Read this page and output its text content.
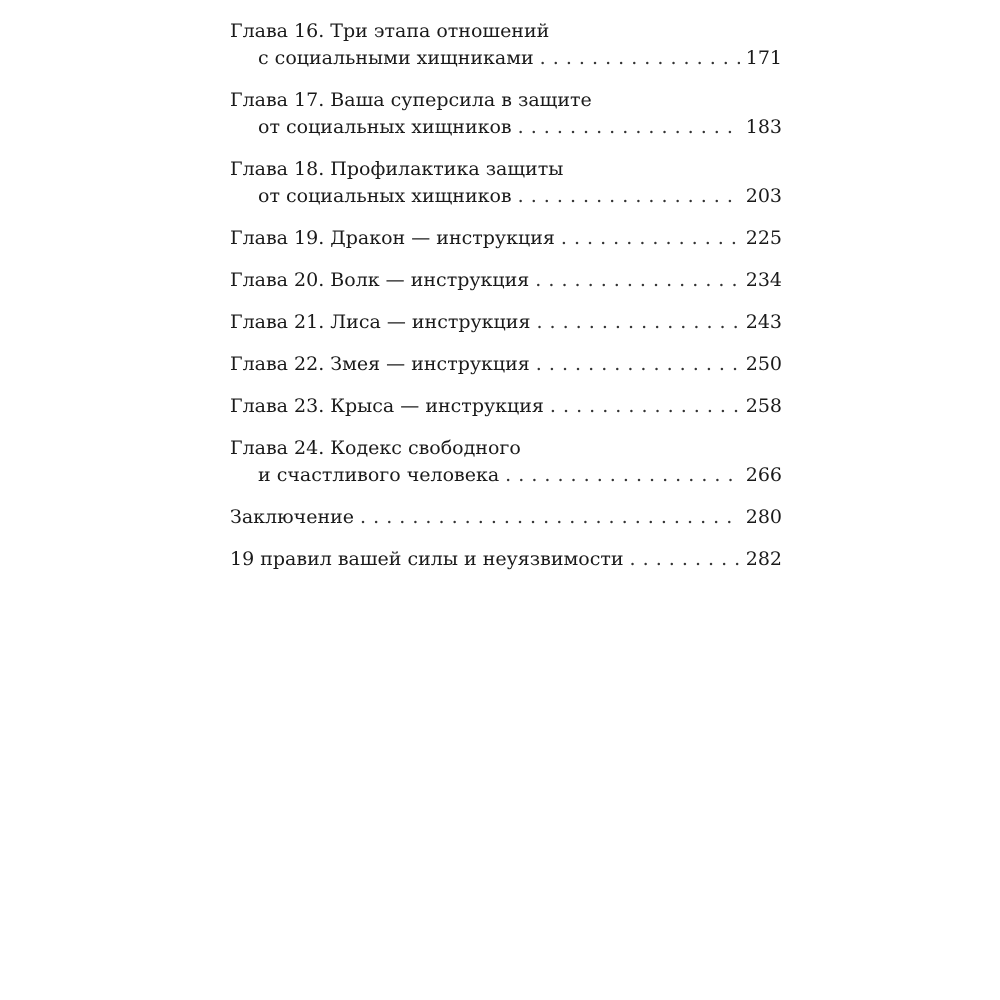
Глава 16. Три этапа отношений
с социальными хищниками . . .	171
Глава 17. Ваша суперсила в защите
от социальных хищников . . .	183
Глава 18. Профилактика защиты
от социальных хищников . . .	203
Глава 19. Дракон — инструкция . . .	225
Глава 20. Волк — инструкция . . .	234
Глава 21. Лиса — инструкция . . .	243
Глава 22. Змея — инструкция . . .	250
Глава 23. Крыса — инструкция . . .	258
Глава 24. Кодекс свободного
и счастливого человека . . .	266
Заключение . . .	280
19 правил вашей силы и неуязвимости . . .	282
